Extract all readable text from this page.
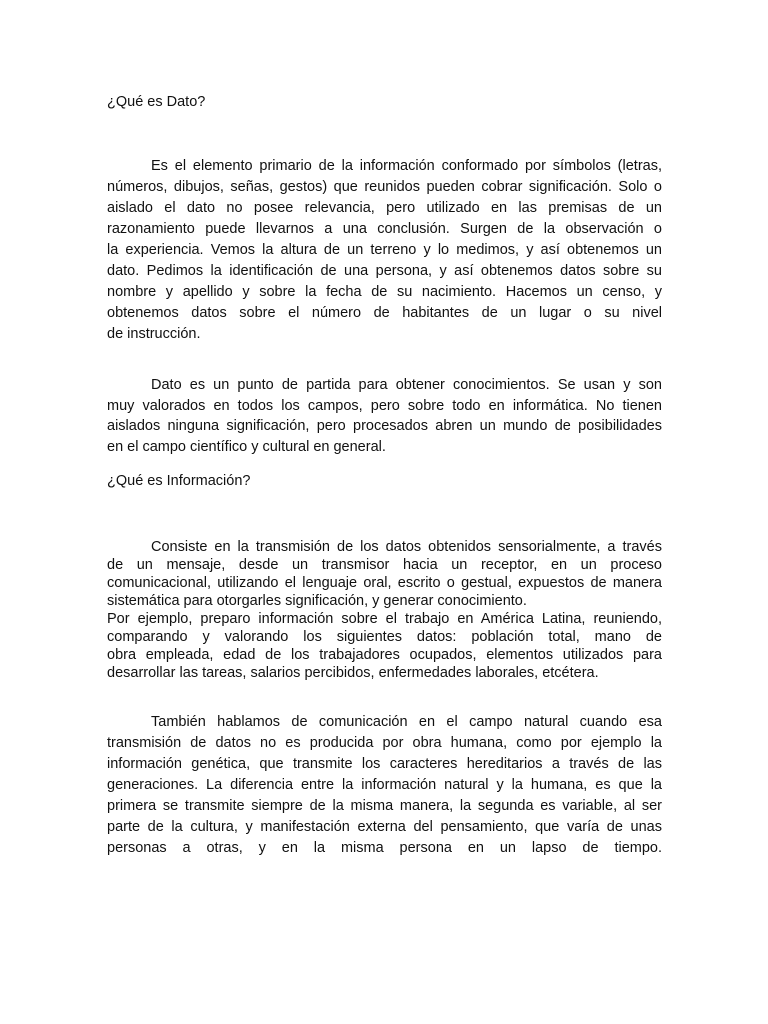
¿Qué es Dato?

Es el elemento primario de la información conformado por símbolos (letras,
números, dibujos, señas, gestos) que reunidos pueden cobrar significación. Solo o
aislado el dato no posee relevancia, pero utilizado en las premisas de un
razonamiento puede llevarnos a una conclusión. Surgen de la observación o
la experiencia. Vemos la altura de un terreno y lo medimos, y así obtenemos un
dato. Pedimos la identificación de una persona, y así obtenemos datos sobre su
nombre y apellido y sobre la fecha de su nacimiento. Hacemos un censo, y
obtenemos datos sobre el número de habitantes de un lugar o su nivel
de instrucción.
Dato es un punto de partida para obtener conocimientos. Se usan y son
muy valorados en todos los campos, pero sobre todo en informática. No tienen
aislados ninguna significación, pero procesados abren un mundo de posibilidades
en el campo científico y cultural en general.

¿Qué es Información?

Consiste en la transmisión de los datos obtenidos sensorialmente, a través
de un mensaje, desde un transmisor hacia un receptor, en un proceso
comunicacional, utilizando el lenguaje oral, escrito o gestual, expuestos de manera
sistemática para otorgarles significación, y generar conocimiento.
Por ejemplo, preparo información sobre el trabajo en América Latina, reuniendo,
comparando y valorando los siguientes datos: población total, mano de
obra empleada, edad de los trabajadores ocupados, elementos utilizados para
desarrollar las tareas, salarios percibidos, enfermedades laborales, etcétera.
También hablamos de comunicación en el campo natural cuando esa
transmisión de datos no es producida por obra humana, como por ejemplo la
información genética, que transmite los caracteres hereditarios a través de las
generaciones. La diferencia entre la información natural y la humana, es que la
primera se transmite siempre de la misma manera, la segunda es variable, al ser
parte de la cultura, y manifestación externa del pensamiento, que varía de unas
personas a otras, y en la misma persona en un lapso de tiempo.
